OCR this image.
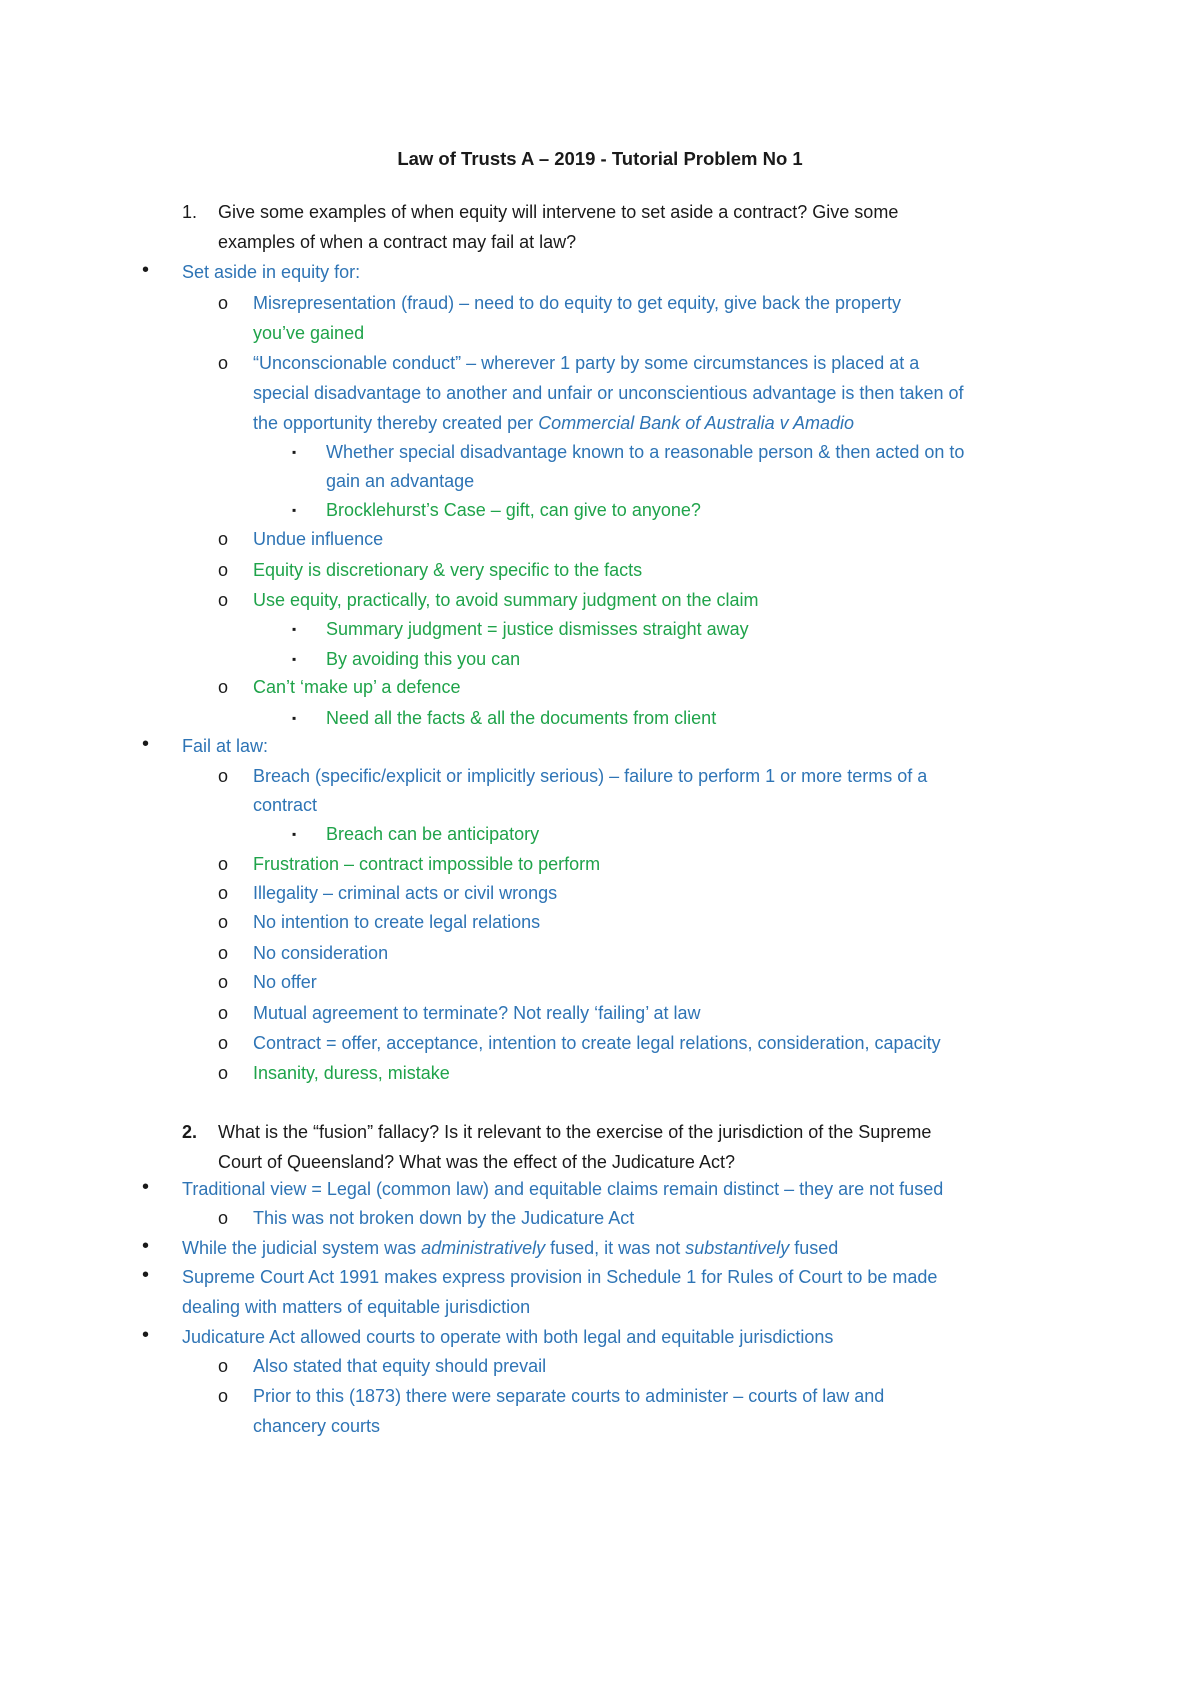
Law of Trusts A – 2019 - Tutorial Problem No 1
1. Give some examples of when equity will intervene to set aside a contract? Give some
examples of when a contract may fail at law?
• Set aside in equity for:
o Misrepresentation (fraud) – need to do equity to get equity, give back the property
you’ve gained
o “Unconscionable conduct” – wherever 1 party by some circumstances is placed at a
special disadvantage to another and unfair or unconscientious advantage is then taken of
the opportunity thereby created per Commercial Bank of Australia v Amadio
▪ Whether special disadvantage known to a reasonable person & then acted on to
gain an advantage
▪ Brocklehurst’s Case – gift, can give to anyone?
o Undue influence
o Equity is discretionary & very specific to the facts
o Use equity, practically, to avoid summary judgment on the claim
▪ Summary judgment = justice dismisses straight away
▪ By avoiding this you can
o Can’t ‘make up’ a defence
▪ Need all the facts & all the documents from client
• Fail at law:
o Breach (specific/explicit or implicitly serious) – failure to perform 1 or more terms of a
contract
▪ Breach can be anticipatory
o Frustration – contract impossible to perform
o Illegality – criminal acts or civil wrongs
o No intention to create legal relations
o No consideration
o No offer
o Mutual agreement to terminate? Not really ‘failing’ at law
o Contract = offer, acceptance, intention to create legal relations, consideration, capacity
o Insanity, duress, mistake
2. What is the “fusion” fallacy? Is it relevant to the exercise of the jurisdiction of the Supreme
Court of Queensland? What was the effect of the Judicature Act?
• Traditional view = Legal (common law) and equitable claims remain distinct – they are not fused
o This was not broken down by the Judicature Act
• While the judicial system was administratively fused, it was not substantively fused
• Supreme Court Act 1991 makes express provision in Schedule 1 for Rules of Court to be made
dealing with matters of equitable jurisdiction
• Judicature Act allowed courts to operate with both legal and equitable jurisdictions
o Also stated that equity should prevail
o Prior to this (1873) there were separate courts to administer – courts of law and
chancery courts
